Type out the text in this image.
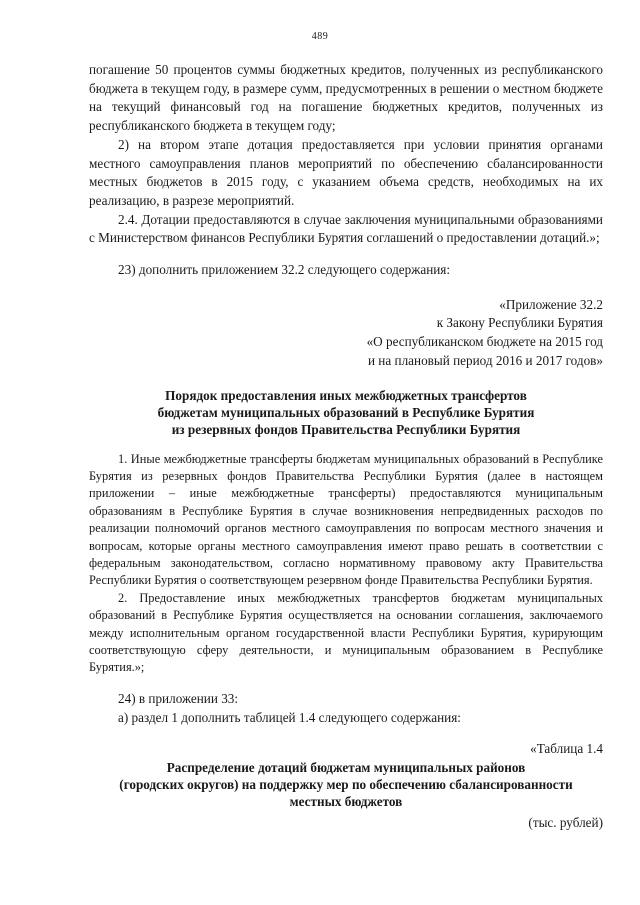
489

погашение 50 процентов суммы бюджетных кредитов, полученных из республиканского бюджета в текущем году, в размере сумм, предусмотренных в решении о местном бюджете на текущий финансовый год на погашение бюджетных кредитов, полученных из республиканского бюджета в текущем году;

2) на втором этапе дотация предоставляется при условии принятия органами местного самоуправления планов мероприятий по обеспечению сбалансированности местных бюджетов в 2015 году, с указанием объема средств, необходимых на их реализацию, в разрезе мероприятий.

2.4. Дотации предоставляются в случае заключения муниципальными образованиями с Министерством финансов Республики Бурятия соглашений о предоставлении дотаций.»;

23) дополнить приложением 32.2 следующего содержания:

«Приложение 32.2

к Закону Республики Бурятия

«О республиканском бюджете на 2015 год

и на плановый период 2016 и 2017 годов»

Порядок предоставления иных межбюджетных трансфертов

бюджетам муниципальных образований в Республике Бурятия

из резервных фондов Правительства Республики Бурятия

1. Иные межбюджетные трансферты бюджетам муниципальных образований в Республике Бурятия из резервных фондов Правительства Республики Бурятия (далее в настоящем приложении – иные межбюджетные трансферты) предоставляются муниципальным образованиям в Республике Бурятия в случае возникновения непредвиденных расходов по реализации полномочий органов местного самоуправления по вопросам местного значения и вопросам, которые органы местного самоуправления имеют право решать в соответствии с федеральным законодательством, согласно нормативному правовому акту Правительства Республики Бурятия о соответствующем резервном фонде Правительства Республики Бурятия.

2. Предоставление иных межбюджетных трансфертов бюджетам муниципальных образований в Республике Бурятия осуществляется на основании соглашения, заключаемого между исполнительным органом государственной власти Республики Бурятия, курирующим соответствующую сферу деятельности, и муниципальным образованием в Республике Бурятия.»;

24) в приложении 33:

а) раздел 1 дополнить таблицей 1.4 следующего содержания:

«Таблица 1.4

Распределение дотаций бюджетам муниципальных районов

(городских округов) на поддержку мер по обеспечению сбалансированности

местных бюджетов

(тыс. рублей)
